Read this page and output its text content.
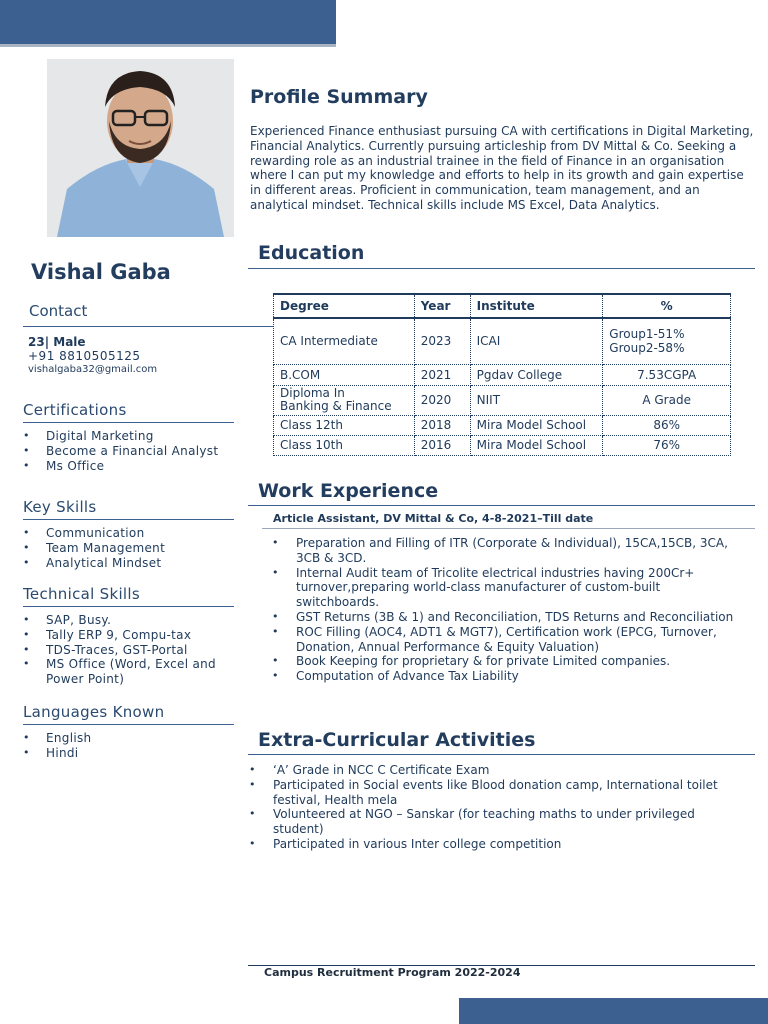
Vishal Gaba
Contact
23| Male
+91 8810505125
vishalgaba32@gmail.com
Certifications
• Digital Marketing
• Become a Financial Analyst
• Ms Office
Key Skills
• Communication
• Team Management
• Analytical Mindset
Technical Skills
• SAP, Busy.
• Tally ERP 9, Compu-tax
• TDS-Traces, GST-Portal
• MS Office (Word, Excel and Power Point)
Languages Known
• English
• Hindi
Profile Summary
Experienced Finance enthusiast pursuing CA with certifications in Digital Marketing, Financial Analytics. Currently pursuing articleship from DV Mittal & Co. Seeking a rewarding role as an industrial trainee in the field of Finance in an organisation where I can put my knowledge and efforts to help in its growth and gain expertise in different areas. Proficient in communication, team management, and an analytical mindset. Technical skills include MS Excel, Data Analytics.
Education
Degree	Year	Institute	%
CA Intermediate	2023	ICAI	Group1-51%
Group2-58%

B.COM	2021	Pgdav College	7.53CGPA

Diploma In
Banking & Finance	2020	NIIT	A Grade
Class 12th	2018	Mira Model School	86%
Class 10th	2016	Mira Model School	76%
Work Experience
Article Assistant, DV Mittal & Co, 4-8-2021–Till date
• Preparation and Filling of ITR (Corporate & Individual), 15CA,15CB, 3CA, 3CB & 3CD.
• Internal Audit team of Tricolite electrical industries having 200Cr+ turnover,preparing world-class manufacturer of custom-built switchboards.
• GST Returns (3B & 1) and Reconciliation, TDS Returns and Reconciliation
• ROC Filling (AOC4, ADT1 & MGT7), Certification work (EPCG, Turnover, Donation, Annual Performance & Equity Valuation)
• Book Keeping for proprietary & for private Limited companies.
• Computation of Advance Tax Liability
Extra-Curricular Activities
• ‘A’ Grade in NCC C Certificate Exam
• Participated in Social events like Blood donation camp, International toilet festival, Health mela
• Volunteered at NGO – Sanskar (for teaching maths to under privileged student)
• Participated in various Inter college competition
Campus Recruitment Program 2022-2024
